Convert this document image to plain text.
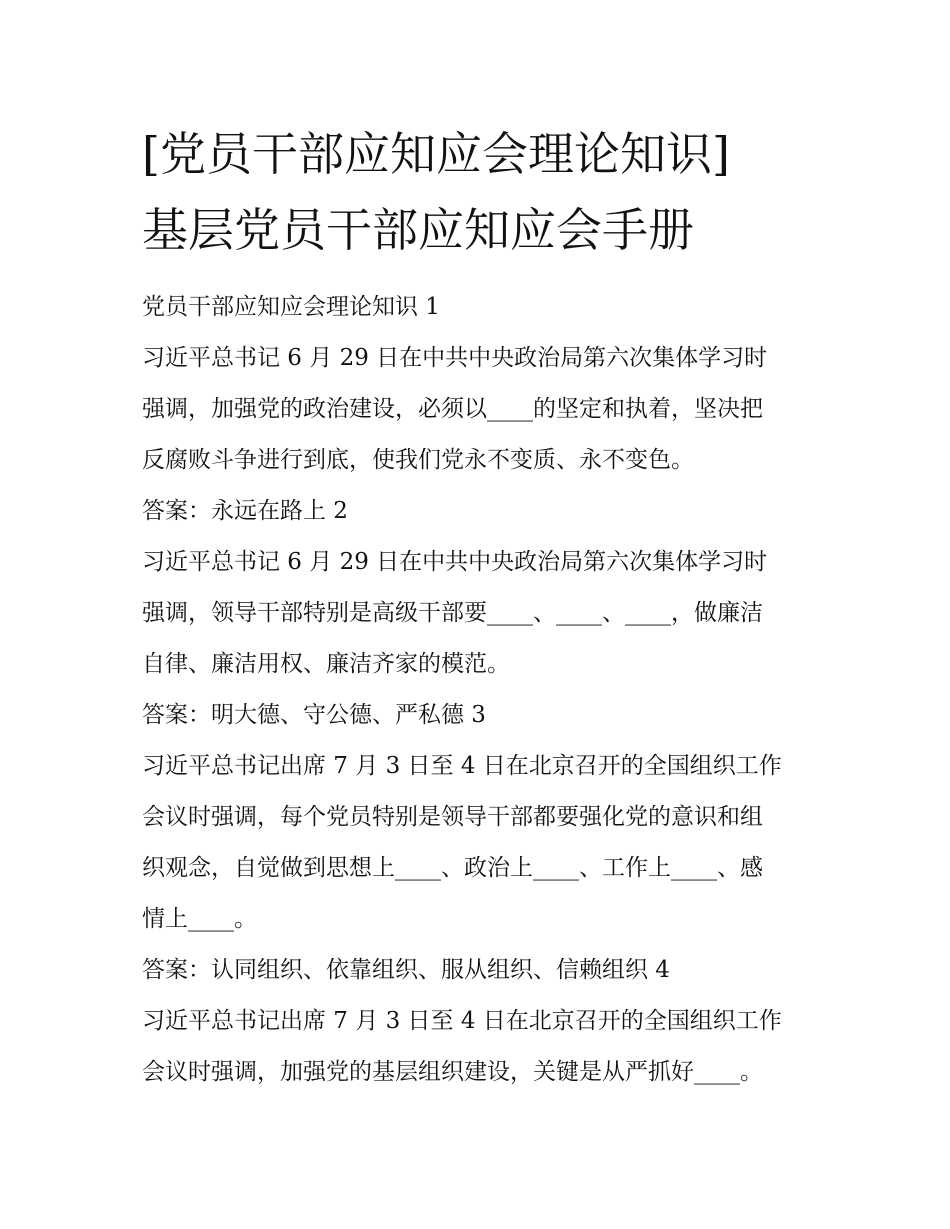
[党员干部应知应会理论知识]
基层党员干部应知应会手册

党员干部应知应会理论知识 1

习近平总书记 6 月 29 日在中共中央政治局第六次集体学习时

强调，加强党的政治建设，必须以____的坚定和执着，坚决把

反腐败斗争进行到底，使我们党永不变质、永不变色。

答案：永远在路上 2

习近平总书记 6 月 29 日在中共中央政治局第六次集体学习时

强调，领导干部特别是高级干部要____、____、____，做廉洁

自律、廉洁用权、廉洁齐家的模范。

答案：明大德、守公德、严私德 3

习近平总书记出席 7 月 3 日至 4 日在北京召开的全国组织工作

会议时强调，每个党员特别是领导干部都要强化党的意识和组

织观念，自觉做到思想上____、政治上____、工作上____、感

情上____。

答案：认同组织、依靠组织、服从组织、信赖组织 4

习近平总书记出席 7 月 3 日至 4 日在北京召开的全国组织工作

会议时强调，加强党的基层组织建设，关键是从严抓好____。
